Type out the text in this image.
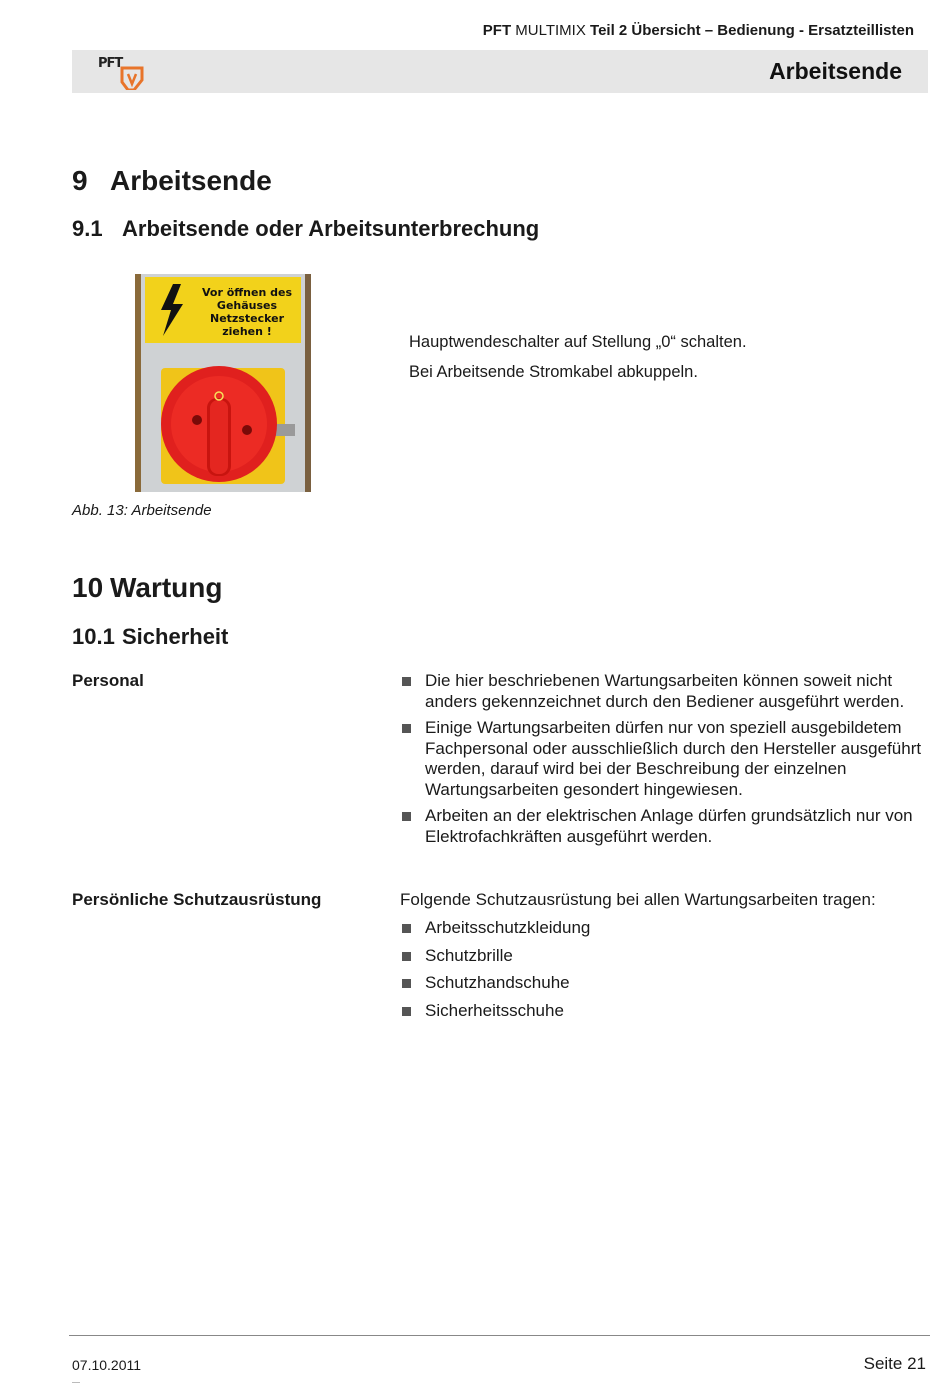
PFT MULTIMIX Teil 2 Übersicht – Bedienung - Ersatzteillisten
PFT	Arbeitsende
9 Arbeitsende
9.1 Arbeitsende oder Arbeitsunterbrechung
Vor öffnen des
Gehäuses
Netzstecker
ziehen !
Hauptwendeschalter auf Stellung „0“ schalten.
Bei Arbeitsende Stromkabel abkuppeln.
Abb. 13: Arbeitsende
10 Wartung
10.1 Sicherheit
Personal	Die hier beschriebenen Wartungsarbeiten können soweit nicht anders gekennzeichnet durch den Bediener ausgeführt werden.
Einige Wartungsarbeiten dürfen nur von speziell ausgebildetem Fachpersonal oder ausschließlich durch den Hersteller ausgeführt werden, darauf wird bei der Beschreibung der einzelnen Wartungsarbeiten gesondert hingewiesen.
Arbeiten an der elektrischen Anlage dürfen grundsätzlich nur von Elektrofachkräften ausgeführt werden.
Persönliche Schutzausrüstung	Folgende Schutzausrüstung bei allen Wartungsarbeiten tragen:
Arbeitsschutzkleidung
Schutzbrille
Schutzhandschuhe
Sicherheitsschuhe
07.10.2011	Seite 21
